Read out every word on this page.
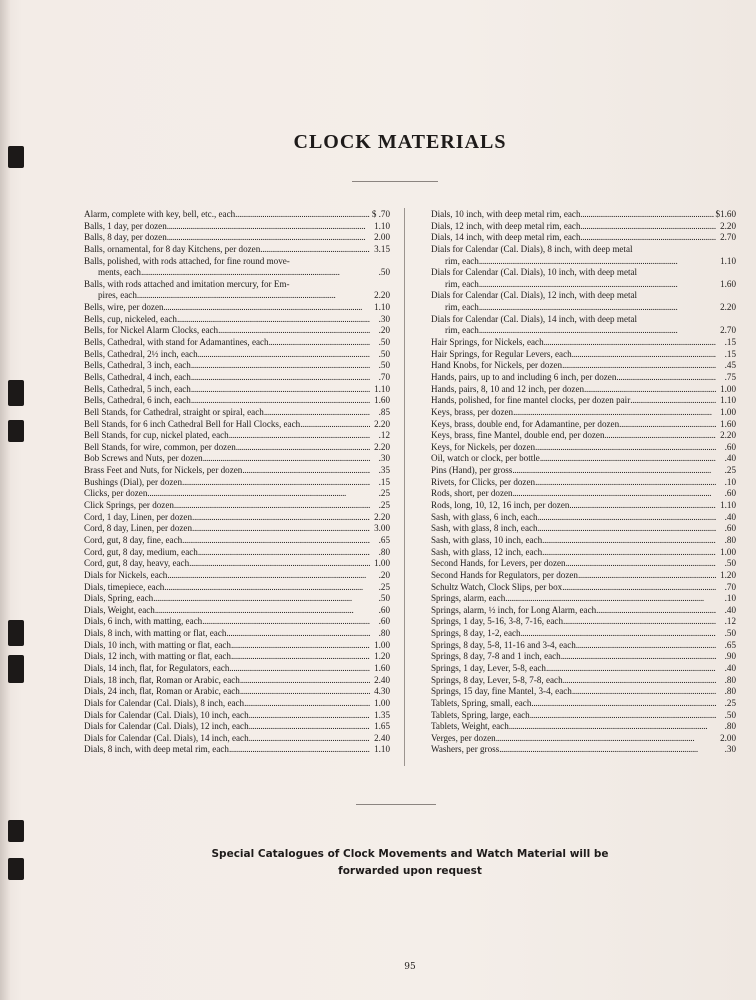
CLOCK MATERIALS
Alarm, complete with key, bell, etc., each . . .	$ .70
Balls, 1 day, per dozen . . .	1.10
Balls, 8 day, per dozen . . .	2.00
Balls, ornamental, for 8 day Kitchens, per dozen . . .	3.15
Balls, polished, with rods attached, for fine round move-
ments, each . . .	.50
Balls, with rods attached and imitation mercury, for Em-
pires, each . . .	2.20
Bells, wire, per dozen . . .	1.10
Bells, cup, nickeled, each . . .	.30
Bells, for Nickel Alarm Clocks, each . . .	.20
Bells, Cathedral, with stand for Adamantines, each . . .	.50
Bells, Cathedral, 2½ inch, each . . .	.50
Bells, Cathedral, 3 inch, each . . .	.50
Bells, Cathedral, 4 inch, each . . .	.70
Bells, Cathedral, 5 inch, each . . .	1.10
Bells, Cathedral, 6 inch, each . . .	1.60
Bell Stands, for Cathedral, straight or spiral, each . . .	.85
Bell Stands, for 6 inch Cathedral Bell for Hall Clocks, each . . .	2.20
Bell Stands, for cup, nickel plated, each . . .	.12
Bell Stands, for wire, common, per dozen . . .	2.20
Bob Screws and Nuts, per dozen . . .	.30
Brass Feet and Nuts, for Nickels, per dozen . . .	.35
Bushings (Dial), per dozen . . .	.15
Clicks, per dozen . . .	.25
Click Springs, per dozen . . .	.25
Cord, 1 day, Linen, per dozen . . .	2.20
Cord, 8 day, Linen, per dozen . . .	3.00
Cord, gut, 8 day, fine, each . . .	.65
Cord, gut, 8 day, medium, each . . .	.80
Cord, gut, 8 day, heavy, each . . .	1.00
Dials for Nickels, each . . .	.20
Dials, timepiece, each . . .	.25
Dials, Spring, each . . .	.50
Dials, Weight, each . . .	.60
Dials, 6 inch, with matting, each . . .	.60
Dials, 8 inch, with matting or flat, each . . .	.80
Dials, 10 inch, with matting or flat, each . . .	1.00
Dials, 12 inch, with matting or flat, each . . .	1.20
Dials, 14 inch, flat, for Regulators, each . . .	1.60
Dials, 18 inch, flat, Roman or Arabic, each . . .	2.40
Dials, 24 inch, flat, Roman or Arabic, each . . .	4.30
Dials for Calendar (Cal. Dials), 8 inch, each . . .	1.00
Dials for Calendar (Cal. Dials), 10 inch, each . . .	1.35
Dials for Calendar (Cal. Dials), 12 inch, each . . .	1.65
Dials for Calendar (Cal. Dials), 14 inch, each . . .	2.40
Dials, 8 inch, with deep metal rim, each . . .	1.10
Dials, 10 inch, with deep metal rim, each . . .	$1.60
Dials, 12 inch, with deep metal rim, each . . .	2.20
Dials, 14 inch, with deep metal rim, each . . .	2.70
Dials for Calendar (Cal. Dials), 8 inch, with deep metal
rim, each . . .	1.10
Dials for Calendar (Cal. Dials), 10 inch, with deep metal
rim, each . . .	1.60
Dials for Calendar (Cal. Dials), 12 inch, with deep metal
rim, each . . .	2.20
Dials for Calendar (Cal. Dials), 14 inch, with deep metal
rim, each . . .	2.70
Hair Springs, for Nickels, each . . .	.15
Hair Springs, for Regular Levers, each . . .	.15
Hand Knobs, for Nickels, per dozen . . .	.45
Hands, pairs, up to and including 6 inch, per dozen . . .	.75
Hands, pairs, 8, 10 and 12 inch, per dozen . . .	1.00
Hands, polished, for fine mantel clocks, per dozen pair . . .	1.10
Keys, brass, per dozen . . .	1.00
Keys, brass, double end, for Adamantine, per dozen . . .	1.60
Keys, brass, fine Mantel, double end, per dozen . . .	2.20
Keys, for Nickels, per dozen . . .	.60
Oil, watch or clock, per bottle . . .	.40
Pins (Hand), per gross . . .	.25
Rivets, for Clicks, per dozen . . .	.10
Rods, short, per dozen . . .	.60
Rods, long, 10, 12, 16 inch, per dozen . . .	1.10
Sash, with glass, 6 inch, each . . .	.40
Sash, with glass, 8 inch, each . . .	.60
Sash, with glass, 10 inch, each . . .	.80
Sash, with glass, 12 inch, each . . .	1.00
Second Hands, for Levers, per dozen . . .	.50
Second Hands for Regulators, per dozen . . .	1.20
Schultz Watch, Clock Slips, per box . . .	.70
Springs, alarm, each . . .	.10
Springs, alarm, ½ inch, for Long Alarm, each . . .	.40
Springs, 1 day, 5-16, 3-8, 7-16, each . . .	.12
Springs, 8 day, 1-2, each . . .	.50
Springs, 8 day, 5-8, 11-16 and 3-4, each . . .	.65
Springs, 8 day, 7-8 and 1 inch, each . . .	.90
Springs, 1 day, Lever, 5-8, each . . .	.40
Springs, 8 day, Lever, 5-8, 7-8, each . . .	.80
Springs, 15 day, fine Mantel, 3-4, each . . .	.80
Tablets, Spring, small, each . . .	.25
Tablets, Spring, large, each . . .	.50
Tablets, Weight, each . . .	.80
Verges, per dozen . . .	2.00
Washers, per gross . . .	.30
Special Catalogues of Clock Movements and Watch Material will be
forwarded upon request
95
